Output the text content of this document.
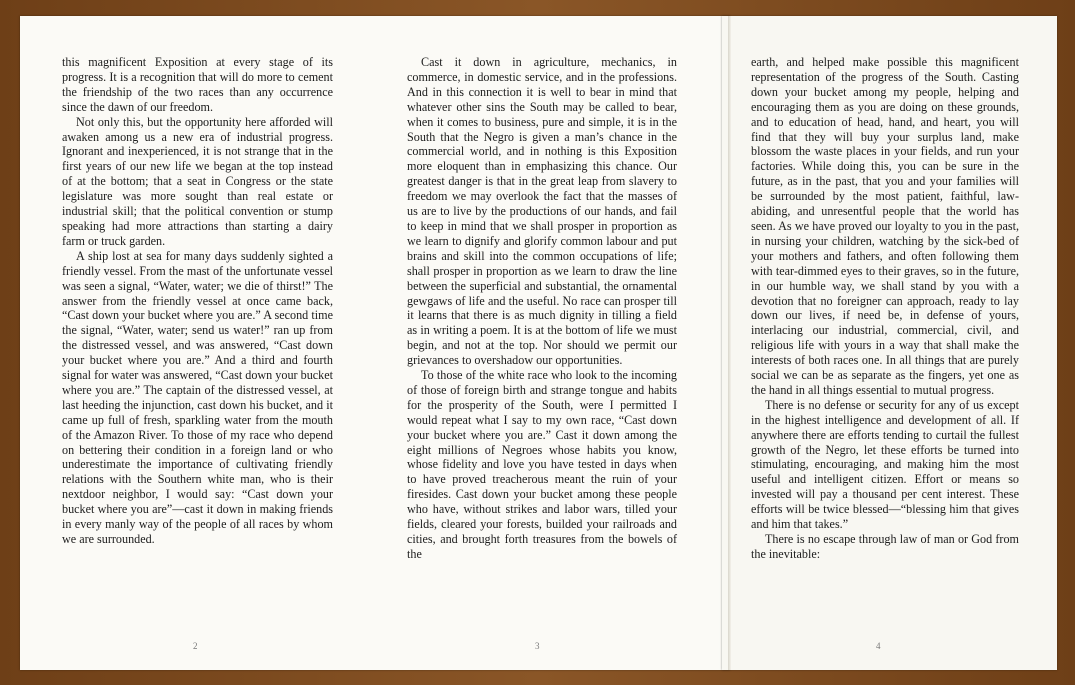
this magnificent Exposition at every stage of its progress. It is a recognition that will do more to cement the friendship of the two races than any occurrence since the dawn of our freedom.

Not only this, but the opportunity here afforded will awaken among us a new era of industrial progress. Ignorant and inexperienced, it is not strange that in the first years of our new life we began at the top instead of at the bottom; that a seat in Congress or the state legislature was more sought than real estate or industrial skill; that the political convention or stump speaking had more attractions than starting a dairy farm or truck garden.

A ship lost at sea for many days suddenly sighted a friendly vessel. From the mast of the unfortunate vessel was seen a signal, “Water, water; we die of thirst!” The answer from the friendly vessel at once came back, “Cast down your bucket where you are.” A second time the signal, “Water, water; send us water!” ran up from the distressed vessel, and was answered, “Cast down your bucket where you are.” And a third and fourth signal for water was answered, “Cast down your bucket where you are.” The captain of the distressed vessel, at last heeding the injunction, cast down his bucket, and it came up full of fresh, sparkling water from the mouth of the Amazon River. To those of my race who depend on bettering their condition in a foreign land or who underestimate the importance of cultivating friendly relations with the Southern white man, who is their nextdoor neighbor, I would say: “Cast down your bucket where you are”—cast it down in making friends in every manly way of the people of all races by whom we are surrounded.

2

Cast it down in agriculture, mechanics, in commerce, in domestic service, and in the professions. And in this connection it is well to bear in mind that whatever other sins the South may be called to bear, when it comes to business, pure and simple, it is in the South that the Negro is given a man’s chance in the commercial world, and in nothing is this Exposition more eloquent than in emphasizing this chance. Our greatest danger is that in the great leap from slavery to freedom we may overlook the fact that the masses of us are to live by the productions of our hands, and fail to keep in mind that we shall prosper in proportion as we learn to dignify and glorify common labour and put brains and skill into the common occupations of life; shall prosper in proportion as we learn to draw the line between the superficial and substantial, the ornamental gewgaws of life and the useful. No race can prosper till it learns that there is as much dignity in tilling a field as in writing a poem. It is at the bottom of life we must begin, and not at the top. Nor should we permit our grievances to overshadow our opportunities.

To those of the white race who look to the incoming of those of foreign birth and strange tongue and habits for the prosperity of the South, were I permitted I would repeat what I say to my own race, “Cast down your bucket where you are.” Cast it down among the eight millions of Negroes whose habits you know, whose fidelity and love you have tested in days when to have proved treacherous meant the ruin of your firesides. Cast down your bucket among these people who have, without strikes and labor wars, tilled your fields, cleared your forests, builded your railroads and cities, and brought forth treasures from the bowels of the

3

earth, and helped make possible this magnificent representation of the progress of the South. Casting down your bucket among my people, helping and encouraging them as you are doing on these grounds, and to education of head, hand, and heart, you will find that they will buy your surplus land, make blossom the waste places in your fields, and run your factories. While doing this, you can be sure in the future, as in the past, that you and your families will be surrounded by the most patient, faithful, law-abiding, and unresentful people that the world has seen. As we have proved our loyalty to you in the past, in nursing your children, watching by the sick-bed of your mothers and fathers, and often following them with tear-dimmed eyes to their graves, so in the future, in our humble way, we shall stand by you with a devotion that no foreigner can approach, ready to lay down our lives, if need be, in defense of yours, interlacing our industrial, commercial, civil, and religious life with yours in a way that shall make the interests of both races one. In all things that are purely social we can be as separate as the fingers, yet one as the hand in all things essential to mutual progress.

There is no defense or security for any of us except in the highest intelligence and development of all. If anywhere there are efforts tending to curtail the fullest growth of the Negro, let these efforts be turned into stimulating, encouraging, and making him the most useful and intelligent citizen. Effort or means so invested will pay a thousand per cent interest. These efforts will be twice blessed—“blessing him that gives and him that takes.”

There is no escape through law of man or God from the inevitable:

4
